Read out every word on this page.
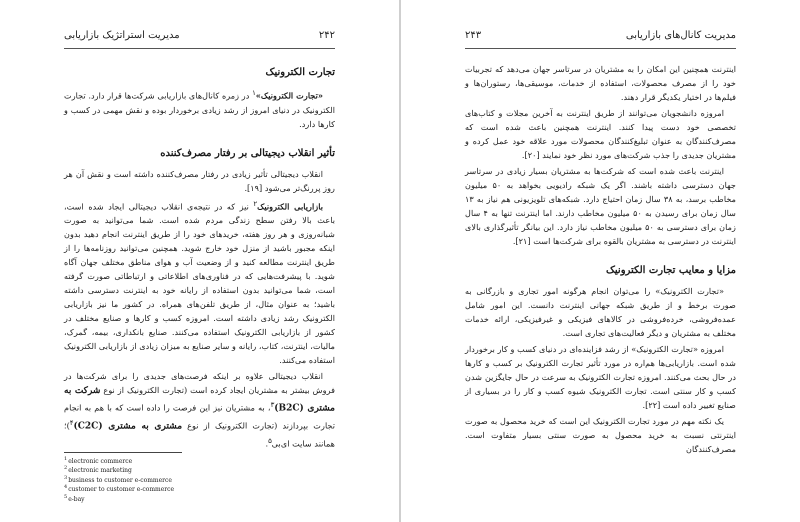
۲۴۲
مدیریت استراتژیک بازاریابی
تجارت الکترونیک

«تجارت الکترونیک»$^۱$ در زمره کانال‌های بازاریابی شرکت‌ها قرار دارد. تجارت الکترونیک در دنیای امروز از رشد زیادی برخوردار بوده و نقش مهمی در کسب و کارها دارد.

تأثیر انقلاب دیجیتالی بر رفتار مصرف‌کننده

انقلاب دیجیتالی تأثیر زیادی در رفتار مصرف‌کننده داشته است و نقش آن هر روز پررنگ‌تر می‌شود [۱۹].

بازاریابی الکترونیک$^۲$ نیز که در نتیجه‌ی انقلاب دیجیتالی ایجاد شده است، باعث بالا رفتن سطح زندگی مردم شده است. شما می‌توانید به صورت شبانه‌روزی و هر روز هفته، خریدهای خود را از طریق اینترنت انجام دهید بدون اینکه مجبور باشید از منزل خود خارج شوید. همچنین می‌توانید روزنامه‌ها را از طریق اینترنت مطالعه کنید و از وضعیت آب و هوای مناطق مختلف جهان آگاه شوید. با پیشرفت‌هایی که در فناوری‌های اطلاعاتی و ارتباطاتی صورت گرفته است، شما می‌توانید بدون استفاده از رایانه خود به اینترنت دسترسی داشته باشید؛ به عنوان مثال، از طریق تلفن‌های همراه. در کشور ما نیز بازاریابی الکترونیک رشد زیادی داشته است. امروزه کسب و کارها و صنایع مختلف در کشور از بازاریابی الکترونیک استفاده می‌کنند. صنایع بانکداری، بیمه، گمرک، مالیات، اینترنت، کتاب، رایانه و سایر صنایع به میزان زیادی از بازاریابی الکترونیک استفاده می‌کنند.

انقلاب دیجیتالی علاوه بر اینکه فرصت‌های جدیدی را برای شرکت‌ها در فروش بیشتر به مشتریان ایجاد کرده است (تجارت الکترونیک از نوع شرکت به مشتری $(B2C)^۳،$ به مشتریان نیز این فرصت را داده است که با هم به انجام تجارت بپردازند (تجارت الکترونیک از نوع مشتری به مشتری $(C2C)^۴)؛$ همانند سایت ای‌بی$^۵$.

$^1$electronic commerce
$^2$electronic marketing
$^3$business to customer e-commerce
$^4$customer to customer e-commerce
$^5$e-bay
مدیریت کانال‌های بازاریابی
۲۴۳

اینترنت همچنین این امکان را به مشتریان در سرتاسر جهان می‌دهد که تجربیات خود را از مصرف محصولات، استفاده از خدمات، موسیقی‌ها، رستوران‌ها و فیلم‌ها در اختیار یکدیگر قرار دهند.

امروزه دانشجویان می‌توانند از طریق اینترنت به آخرین مجلات و کتاب‌های تخصصی خود دست پیدا کنند. اینترنت همچنین باعث شده است که مصرف‌کنندگان به عنوان تبلیغ‌کنندگان محصولات مورد علاقه خود عمل کرده و مشتریان جدیدی را جذب شرکت‌های مورد نظر خود نمایند [۲۰].

اینترنت باعث شده است که شرکت‌ها به مشتریان بسیار زیادی در سرتاسر جهان دسترسی داشته باشند. اگر یک شبکه رادیویی بخواهد به ۵۰ میلیون مخاطب برسد، به ۳۸ سال زمان احتیاج دارد. شبکه‌های تلویزیونی هم نیاز به ۱۳ سال زمان برای رسیدن به ۵۰ میلیون مخاطب دارند. اما اینترنت تنها به ۴ سال زمان برای دسترسی به ۵۰ میلیون مخاطب نیاز دارد. این بیانگر تأثیرگذاری بالای اینترنت در دسترسی به مشتریان بالقوه برای شرکت‌ها است [۲۱].

مزایا و معایب تجارت الکترونیک

«تجارت الکترونیک» را می‌توان انجام هرگونه امور تجاری و بازرگانی به صورت برخط و از طریق شبکه جهانی اینترنت دانست. این امور شامل عمده‌فروشی، خرده‌فروشی در کالاهای فیزیکی و غیرفیزیکی، ارائه خدمات مختلف به مشتریان و دیگر فعالیت‌های تجاری است.

امروزه «تجارت الکترونیک» از رشد فزاینده‌ای در دنیای کسب و کار برخوردار شده است. بازاریابی‌ها هم‌اره در مورد تأثیر تجارت الکترونیک بر کسب و کارها در حال بحث می‌کنند. امروزه تجارت الکترونیک به سرعت در حال جایگزین شدن کسب و کار سنتی است. تجارت الکترونیک شیوه کسب و کار را در بسیاری از صنایع تغییر داده است [۲۲].

یک نکته مهم در مورد تجارت الکترونیک این است که خرید محصول به صورت اینترنتی نسبت به خرید محصول به صورت سنتی بسیار متفاوت است. مصرف‌کنندگان
